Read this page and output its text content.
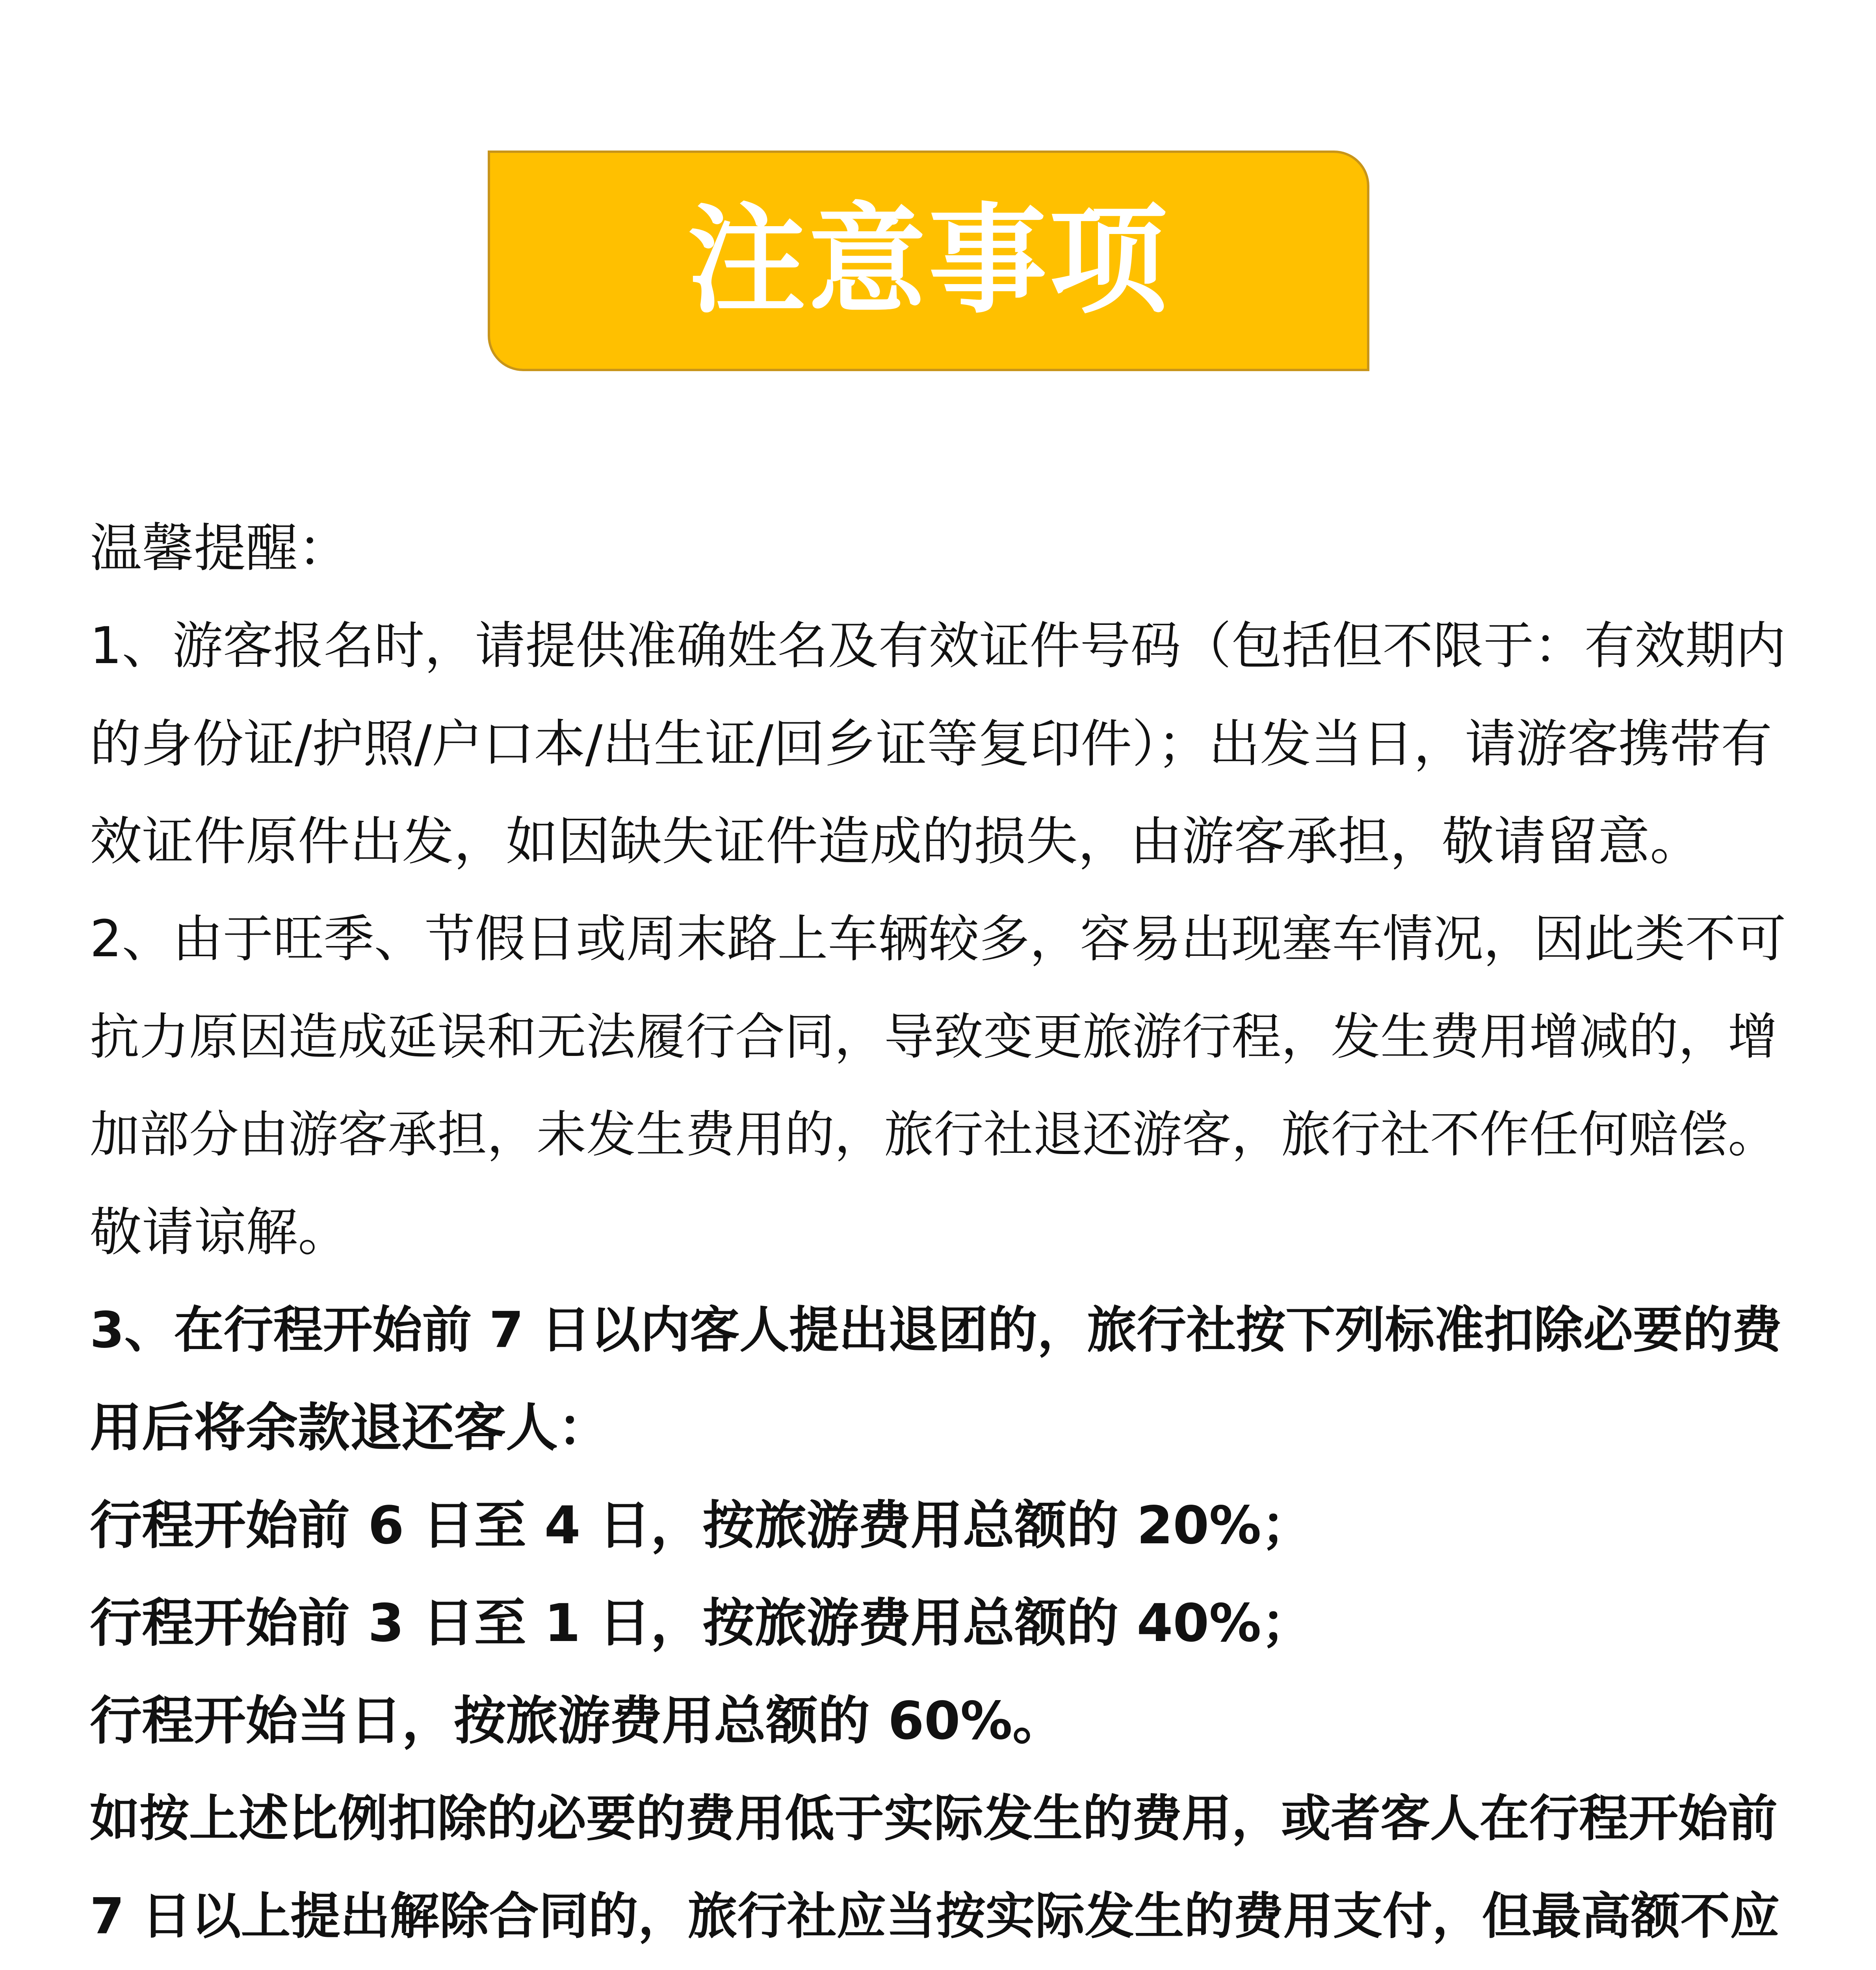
注意事项
温馨提醒：
1、游客报名时，请提供准确姓名及有效证件号码（包括但不限于：有效期内
的身份证/护照/户口本/出生证/回乡证等复印件）；出发当日，请游客携带有
效证件原件出发，如因缺失证件造成的损失，由游客承担，敬请留意。
2、由于旺季、节假日或周末路上车辆较多，容易出现塞车情况，因此类不可
抗力原因造成延误和无法履行合同，导致变更旅游行程，发生费用增减的，增
加部分由游客承担，未发生费用的，旅行社退还游客，旅行社不作任何赔偿。
敬请谅解。
3、在行程开始前 7 日以内客人提出退团的，旅行社按下列标准扣除必要的费
用后将余款退还客人：
行程开始前 6 日至 4 日，按旅游费用总额的 20%；
行程开始前 3 日至 1 日，按旅游费用总额的 40%；
行程开始当日，按旅游费用总额的 60%。
如按上述比例扣除的必要的费用低于实际发生的费用，或者客人在行程开始前
7 日以上提出解除合同的，旅行社应当按实际发生的费用支付，但最高额不应
